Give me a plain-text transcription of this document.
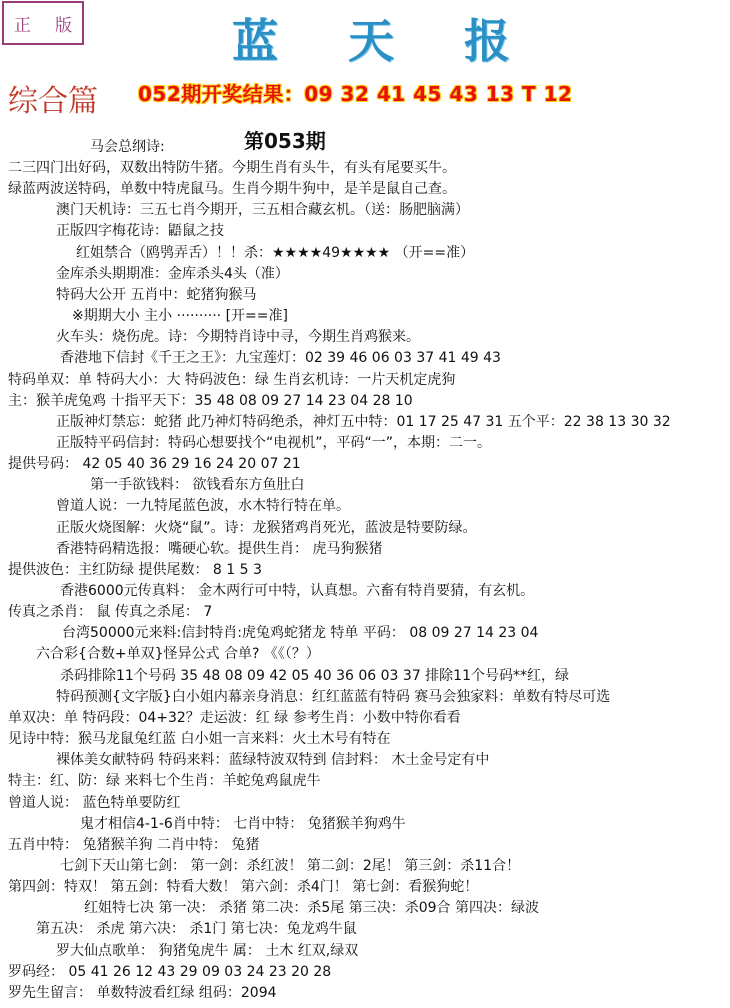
正 版	蓝 天 报
综合篇 052期开奖结果：09 32 41 45 43 13 T 12
马会总纲诗:	第053期
二三四门出好码，双数出特防牛猪。今期生肖有头牛，有头有尾要买牛。
绿蓝两波送特码，单数中特虎鼠马。生肖今期牛狗中，是羊是鼠自己查。
澳门天机诗：三五七肖今期开，三五相合藏玄机。（送：肠肥脑满）
正版四字梅花诗：鼯鼠之技
红姐禁合（鸥鸮弄舌）！！杀：★★★★49★★★★ （开==准）
金库杀头期期准：金库杀头4头（准）
特码大公开 五肖中：蛇猪狗猴马
※期期大小 主小 ·········· [开==准]
火车头：烧伤虎。诗：今期特肖诗中寻，今期生肖鸡猴来。
香港地下信封《千王之王》：九宝莲灯：02 39 46 06 03 37 41 49 43
特码单双：单 特码大小：大 特码波色：绿 生肖玄机诗：一片天机定虎狗
主：猴羊虎兔鸡 十指平天下：35 48 08 09 27 14 23 04 28 10
正版神灯禁忘：蛇猪 此乃神灯特码绝杀，神灯五中特：01 17 25 47 31 五个平：22 38 13 30 32
正版特平码信封：特码心想要找个“电视机”，平码“一”，本期：二一。
提供号码： 42 05 40 36 29 16 24 20 07 21
第一手欲钱料： 欲钱看东方鱼肚白
曾道人说：一九特尾蓝色波，水木特行特在单。
正版火烧图解：火烧“鼠”。诗：龙猴猪鸡肖死光，蓝波是特要防绿。
香港特码精选报：嘴硬心软。提供生肖： 虎马狗猴猪
提供波色：主红防绿 提供尾数： 8 1 5 3
香港6000元传真料： 金木两行可中特，认真想。六畜有特肖要猜，有玄机。
传真之杀肖： 鼠 传真之杀尾： 7
台湾50000元来料:信封特肖:虎兔鸡蛇猪龙 特单 平码： 08 09 27 14 23 04
六合彩{合数+单双}怪异公式 合单? 《《（？）
杀码排除11个号码 35 48 08 09 42 05 40 36 06 03 37 排除11个号码**红，绿
特码预测{文字版}白小姐内幕亲身消息：红红蓝蓝有特码 赛马会独家料：单数有特尽可选
单双决：单 特码段：04+32？走运波：红 绿 参考生肖：小数中特你看看
见诗中特：猴马龙鼠兔红蓝 白小姐一言来料：火土木号有特在
裸体美女献特码 特码来料：蓝绿特波双特到 信封料： 木土金号定有中
特主：红、防：绿 来料七个生肖：羊蛇兔鸡鼠虎牛
曾道人说： 蓝色特单要防红
鬼才相信4-1-6肖中特： 七肖中特： 兔猪猴羊狗鸡牛
五肖中特： 兔猪猴羊狗 二肖中特： 兔猪
七剑下天山第七剑： 第一剑：杀红波！ 第二剑：2尾！ 第三剑：杀11合！
第四剑：特双！ 第五剑：特看大数！ 第六剑：杀4门！ 第七剑：看猴狗蛇！
红姐特七决 第一决： 杀猪 第二决：杀5尾 第三决：杀09合 第四决：绿波
第五决： 杀虎 第六决： 杀1门 第七决：兔龙鸡牛鼠
罗大仙点歌单： 狗猪兔虎牛 属： 土木 红双,绿双
罗码经： 05 41 26 12 43 29 09 03 24 23 20 28
罗先生留言： 单数特波看红绿 组码：2094
